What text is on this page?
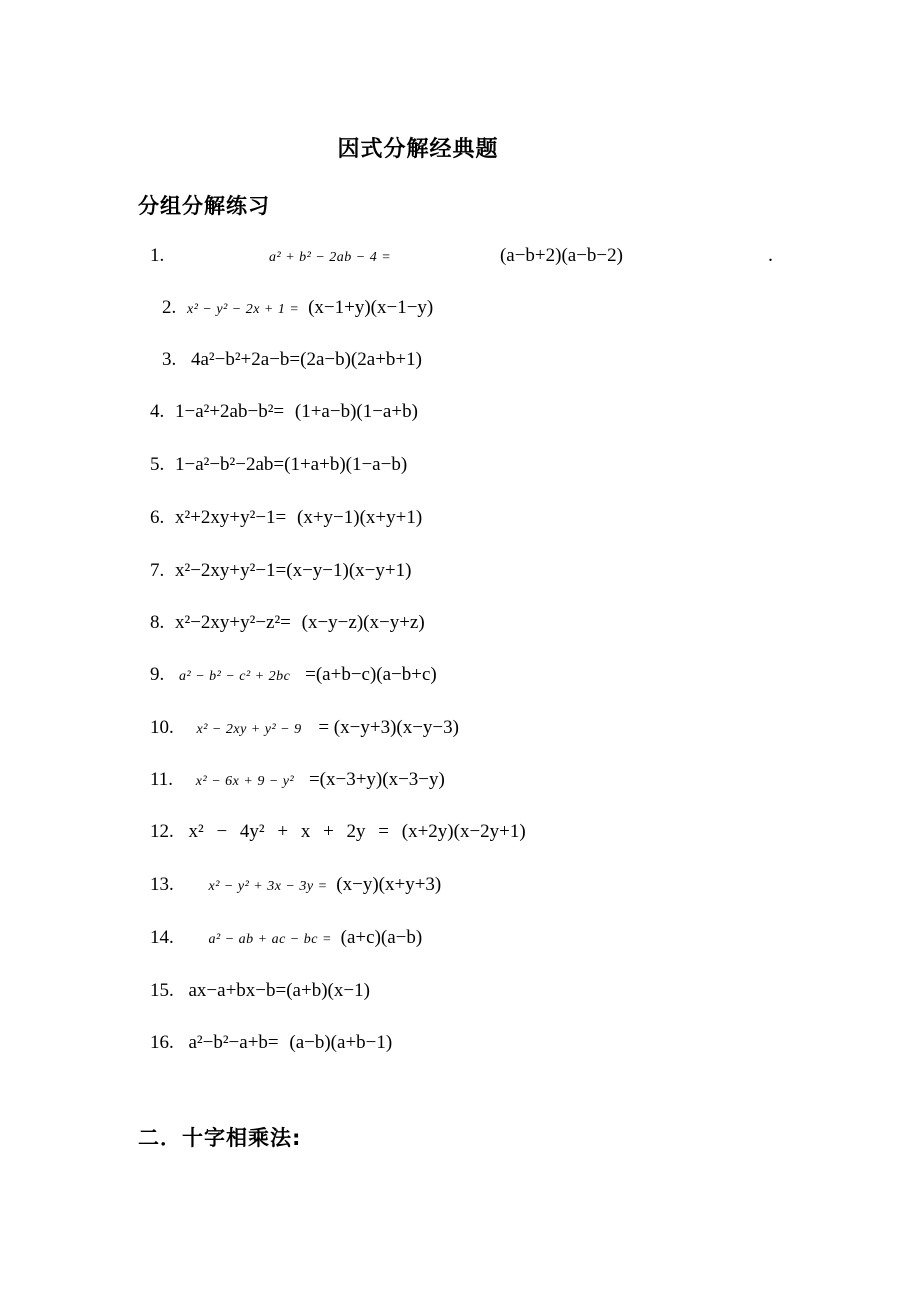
因式分解经典题
分组分解练习
1.	a² + b² − 2ab − 4 =	(a−b+2)(a−b−2)	.
2. x² − y² − 2x + 1 = (x−1+y)(x−1−y)
3. 4a²−b²+2a−b=(2a−b)(2a+b+1)
4. 1−a²+2ab−b²= (1+a−b)(1−a+b)
5. 1−a²−b²−2ab=(1+a+b)(1−a−b)
6. x²+2xy+y²−1= (x+y−1)(x+y+1)
7. x²−2xy+y²−1=(x−y−1)(x−y+1)
8. x²−2xy+y²−z²= (x−y−z)(x−y+z)
9. a² − b² − c² + 2bc =(a+b−c)(a−b+c)
10. x² − 2xy + y² − 9 = (x−y+3)(x−y−3)
11. x² − 6x + 9 − y² =(x−3+y)(x−3−y)
12. x² − 4y² + x + 2y = (x+2y)(x−2y+1)
13. x² − y² + 3x − 3y = (x−y)(x+y+3)
14. a² − ab + ac − bc = (a+c)(a−b)
15. ax−a+bx−b=(a+b)(x−1)
16. a²−b²−a+b= (a−b)(a+b−1)
二．十字相乘法:
